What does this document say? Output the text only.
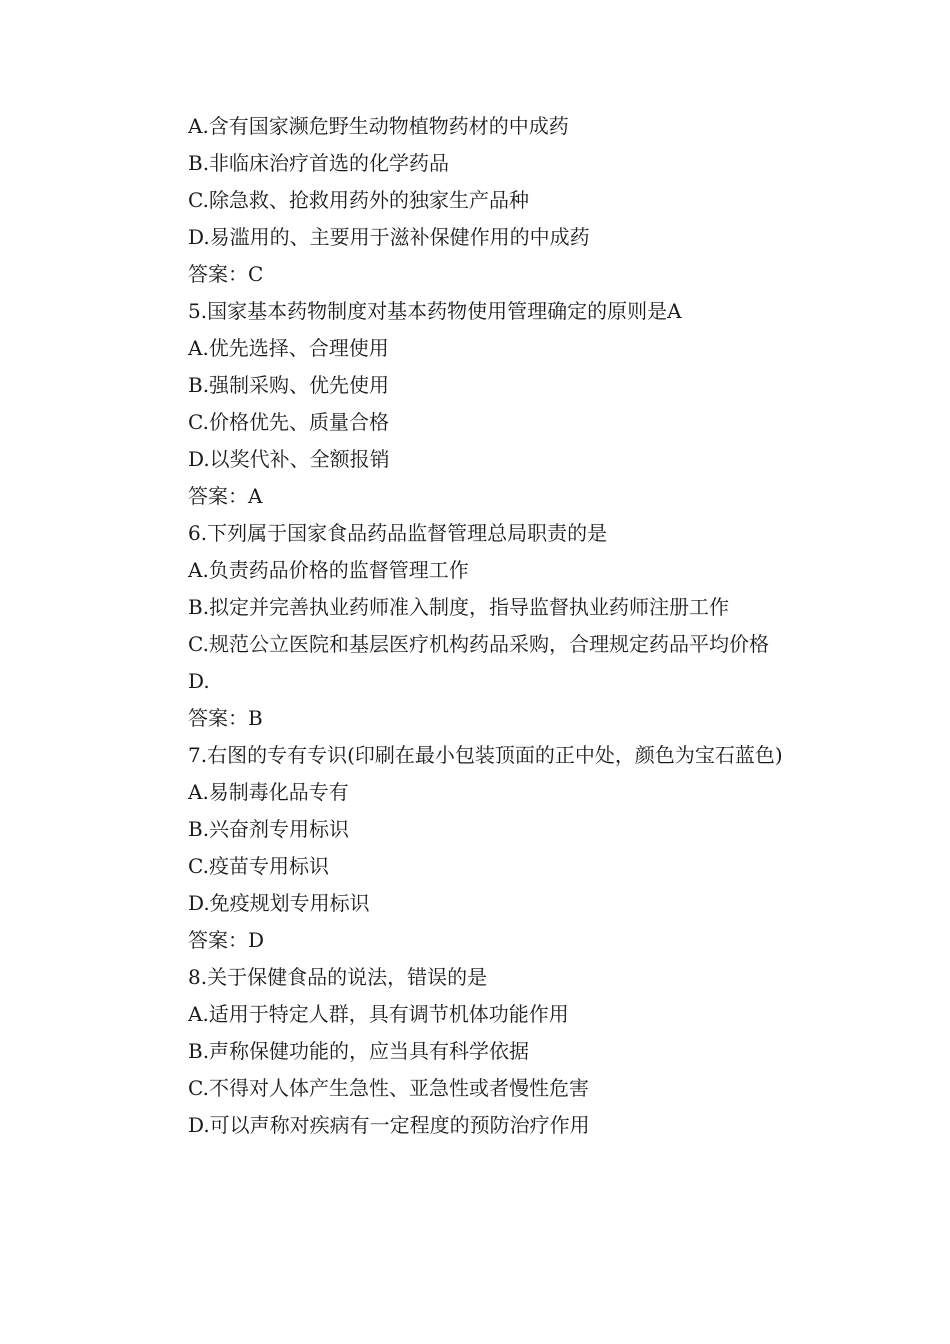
A.含有国家濒危野生动物植物药材的中成药

B.非临床治疗首选的化学药品

C.除急救、抢救用药外的独家生产品种

D.易滥用的、主要用于滋补保健作用的中成药

答案：C

5.国家基本药物制度对基本药物使用管理确定的原则是A

A.优先选择、合理使用

B.强制采购、优先使用

C.价格优先、质量合格

D.以奖代补、全额报销

答案：A

6.下列属于国家食品药品监督管理总局职责的是

A.负责药品价格的监督管理工作

B.拟定并完善执业药师准入制度，指导监督执业药师注册工作

C.规范公立医院和基层医疗机构药品采购，合理规定药品平均价格

D.

答案：B

7.右图的专有专识(印刷在最小包装顶面的正中处，颜色为宝石蓝色)

A.易制毒化品专有

B.兴奋剂专用标识

C.疫苗专用标识

D.免疫规划专用标识

答案：D

8.关于保健食品的说法，错误的是

A.适用于特定人群，具有调节机体功能作用

B.声称保健功能的，应当具有科学依据

C.不得对人体产生急性、亚急性或者慢性危害

D.可以声称对疾病有一定程度的预防治疗作用
